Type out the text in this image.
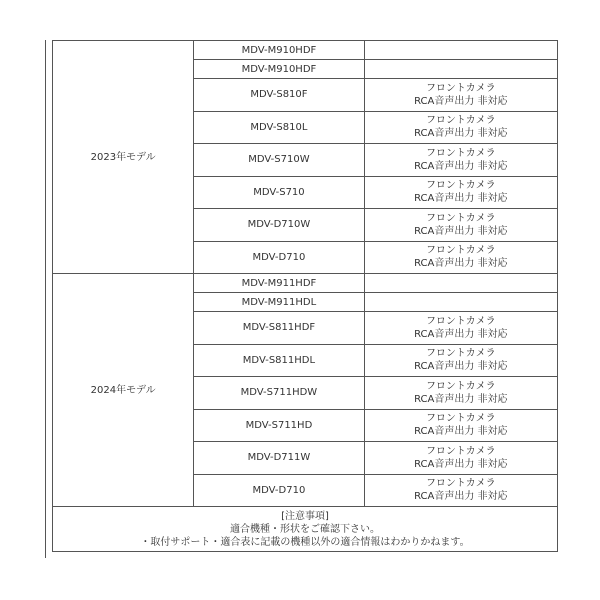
2023年モデル	MDV-M910HDF	
	MDV-M910HDF	
	MDV-S810F	フロントカメラ
RCA音声出力 非対応

	MDV-S810L	フロントカメラ
RCA音声出力 非対応

	MDV-S710W	フロントカメラ
RCA音声出力 非対応

	MDV-S710	フロントカメラ
RCA音声出力 非対応

	MDV-D710W	フロントカメラ
RCA音声出力 非対応

	MDV-D710	フロントカメラ
RCA音声出力 非対応

2024年モデル	MDV-M911HDF	
	MDV-M911HDL	
	MDV-S811HDF	フロントカメラ
RCA音声出力 非対応

	MDV-S811HDL	フロントカメラ
RCA音声出力 非対応

	MDV-S711HDW	フロントカメラ
RCA音声出力 非対応

	MDV-S711HD	フロントカメラ
RCA音声出力 非対応

	MDV-D711W	フロントカメラ
RCA音声出力 非対応

	MDV-D710	フロントカメラ
RCA音声出力 非対応

[注意事項]
適合機種・形状をご確認下さい。
・取付サポート・適合表に記載の機種以外の適合情報はわかりかねます。		
